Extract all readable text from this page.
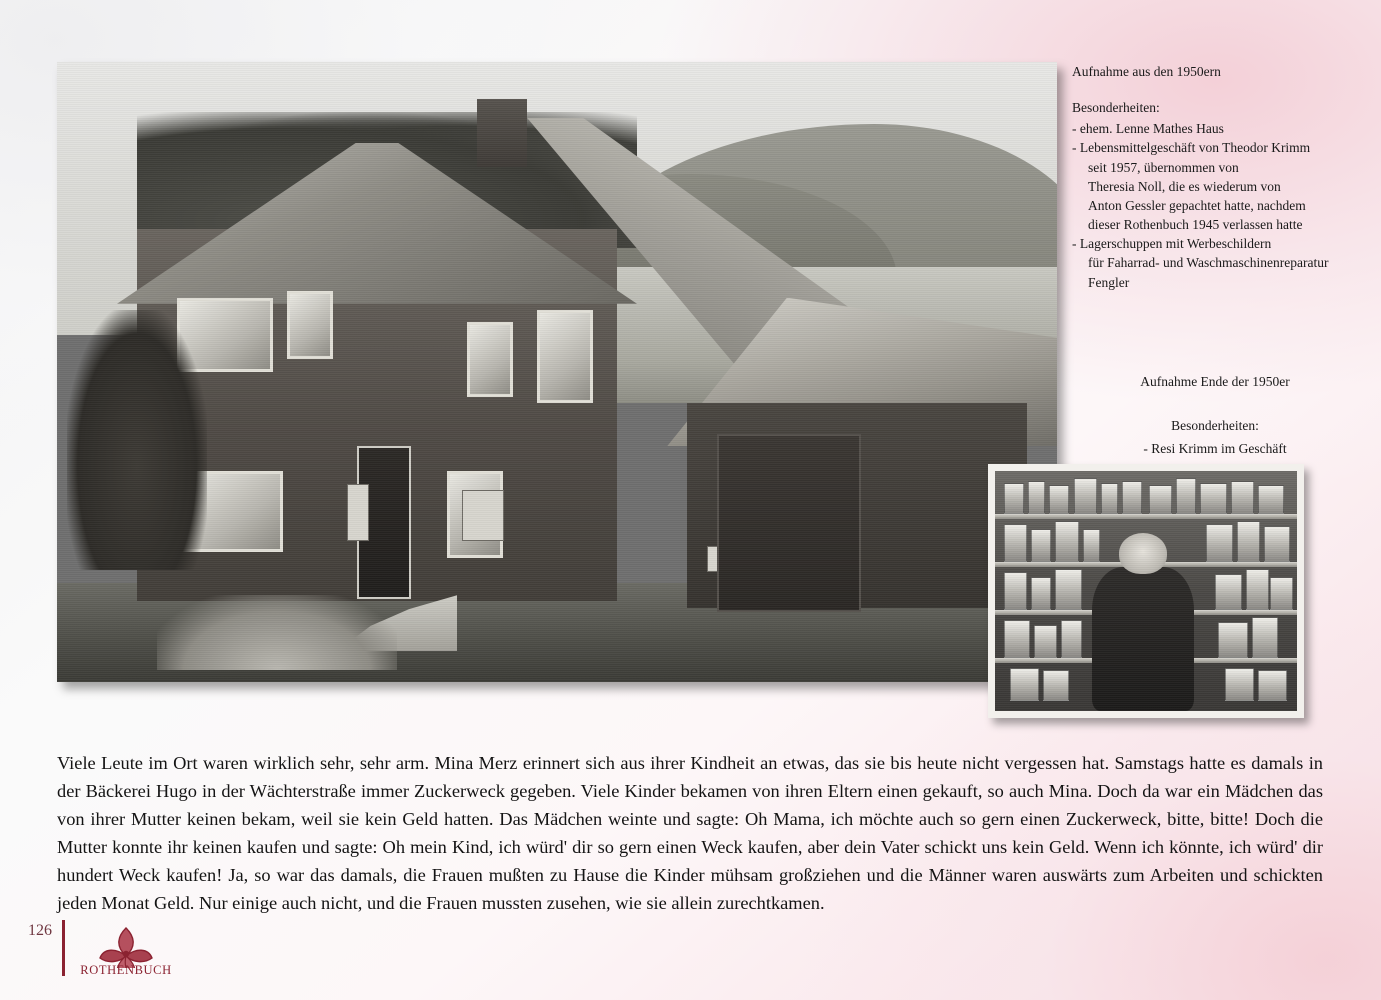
Aufnahme aus den 1950ern
Besonderheiten:
- ehem. Lenne Mathes Haus
- Lebensmittelgeschäft von Theodor Krimm
seit 1957, übernommen von
Theresia Noll, die es wiederum von
Anton Gessler gepachtet hatte, nachdem
dieser Rothenbuch 1945 verlassen hatte
- Lagerschuppen mit Werbeschildern
für Faharrad- und Waschmaschinenreparatur
Fengler
Aufnahme Ende der 1950er
Besonderheiten:
- Resi Krimm im Geschäft
Viele Leute im Ort waren wirklich sehr, sehr arm. Mina Merz erinnert sich aus ihrer Kindheit an etwas, das sie bis heute nicht vergessen hat. Samstags hatte es damals in der Bäckerei Hugo in der Wächterstraße immer Zuckerweck gegeben. Viele Kinder bekamen von ihren Eltern einen gekauft, so auch Mina. Doch da war ein Mädchen das von ihrer Mutter keinen bekam, weil sie kein Geld hatten. Das Mädchen weinte und sagte: Oh Mama, ich möchte auch so gern einen Zuckerweck, bitte, bitte! Doch die Mutter konnte ihr keinen kaufen und sagte: Oh mein Kind, ich würd' dir so gern einen Weck kaufen, aber dein Vater schickt uns kein Geld. Wenn ich könnte, ich würd' dir hundert Weck kaufen! Ja, so war das damals, die Frauen mußten zu Hause die Kinder mühsam großziehen und die Männer waren auswärts zum Arbeiten und schickten jeden Monat Geld. Nur einige auch nicht, und die Frauen mussten zusehen, wie sie allein zurechtkamen.
126
ROTHENBUCH
